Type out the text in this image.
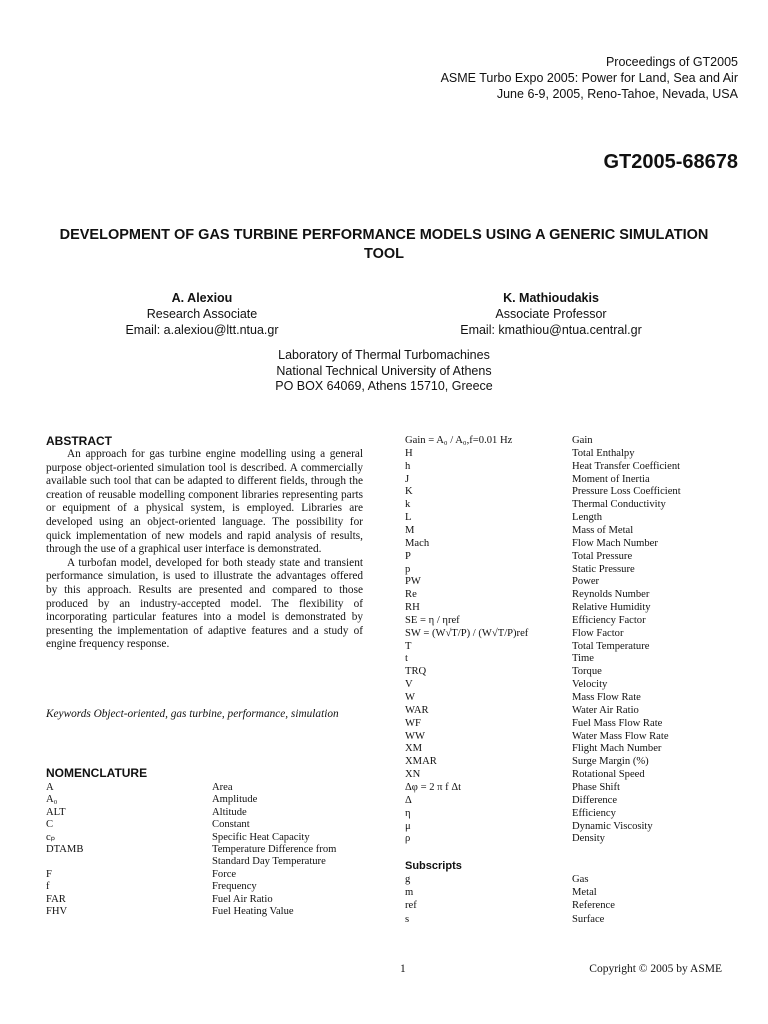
Proceedings of GT2005
ASME Turbo Expo 2005: Power for Land, Sea and Air
June 6-9, 2005, Reno-Tahoe, Nevada, USA
GT2005-68678
DEVELOPMENT OF GAS TURBINE PERFORMANCE MODELS USING A GENERIC SIMULATION
TOOL
A. Alexiou
Research Associate
Email: a.alexiou@ltt.ntua.gr
K. Mathioudakis
Associate Professor
Email: kmathiou@ntua.central.gr
Laboratory of Thermal Turbomachines
National Technical University of Athens
PO BOX 64069, Athens 15710, Greece
ABSTRACT

An approach for gas turbine engine modelling using a general purpose object-oriented simulation tool is described. A commercially available such tool that can be adapted to different fields, through the creation of reusable modelling component libraries representing parts or equipment of a physical system, is employed. Libraries are developed using an object-oriented language. The possibility for quick implementation of new models and rapid analysis of results, through the use of a graphical user interface is demonstrated.

A turbofan model, developed for both steady state and transient performance simulation, is used to illustrate the advantages offered by this approach. Results are presented and compared to those produced by an industry-accepted model. The flexibility of incorporating particular features into a model is demonstrated by presenting the implementation of adaptive features and a study of engine frequency response.

Keywords Object-oriented, gas turbine, performance, simulation
NOMENCLATURE
A	Area
A₀	Amplitude
ALT	Altitude
C	Constant
cₚ	Specific Heat Capacity
DTAMB	Temperature Difference from
Standard Day Temperature
F	Force
f	Frequency
FAR	Fuel Air Ratio
FHV	Fuel Heating Value
Gain = A₀ / A₀,f=0.01 Hz	Gain
H	Total Enthalpy
h	Heat Transfer Coefficient
J	Moment of Inertia
K	Pressure Loss Coefficient
k	Thermal Conductivity
L	Length
M	Mass of Metal
Mach	Flow Mach Number
P	Total Pressure
p	Static Pressure
PW	Power
Re	Reynolds Number
RH	Relative Humidity
SE = η / ηref	Efficiency Factor
SW = (W√T/P) / (W√T/P)ref	Flow Factor
T	Total Temperature
t	Time
TRQ	Torque
V	Velocity
W	Mass Flow Rate
WAR	Water Air Ratio
WF	Fuel Mass Flow Rate
WW	Water Mass Flow Rate
XM	Flight Mach Number
XMAR	Surge Margin (%)
XN	Rotational Speed
Δφ = 2 π f Δt	Phase Shift
Δ	Difference
η	Efficiency
μ	Dynamic Viscosity
ρ	Density
Subscripts
g	Gas
m	Metal
ref	Reference
s	Surface
1	Copyright © 2005 by ASME
